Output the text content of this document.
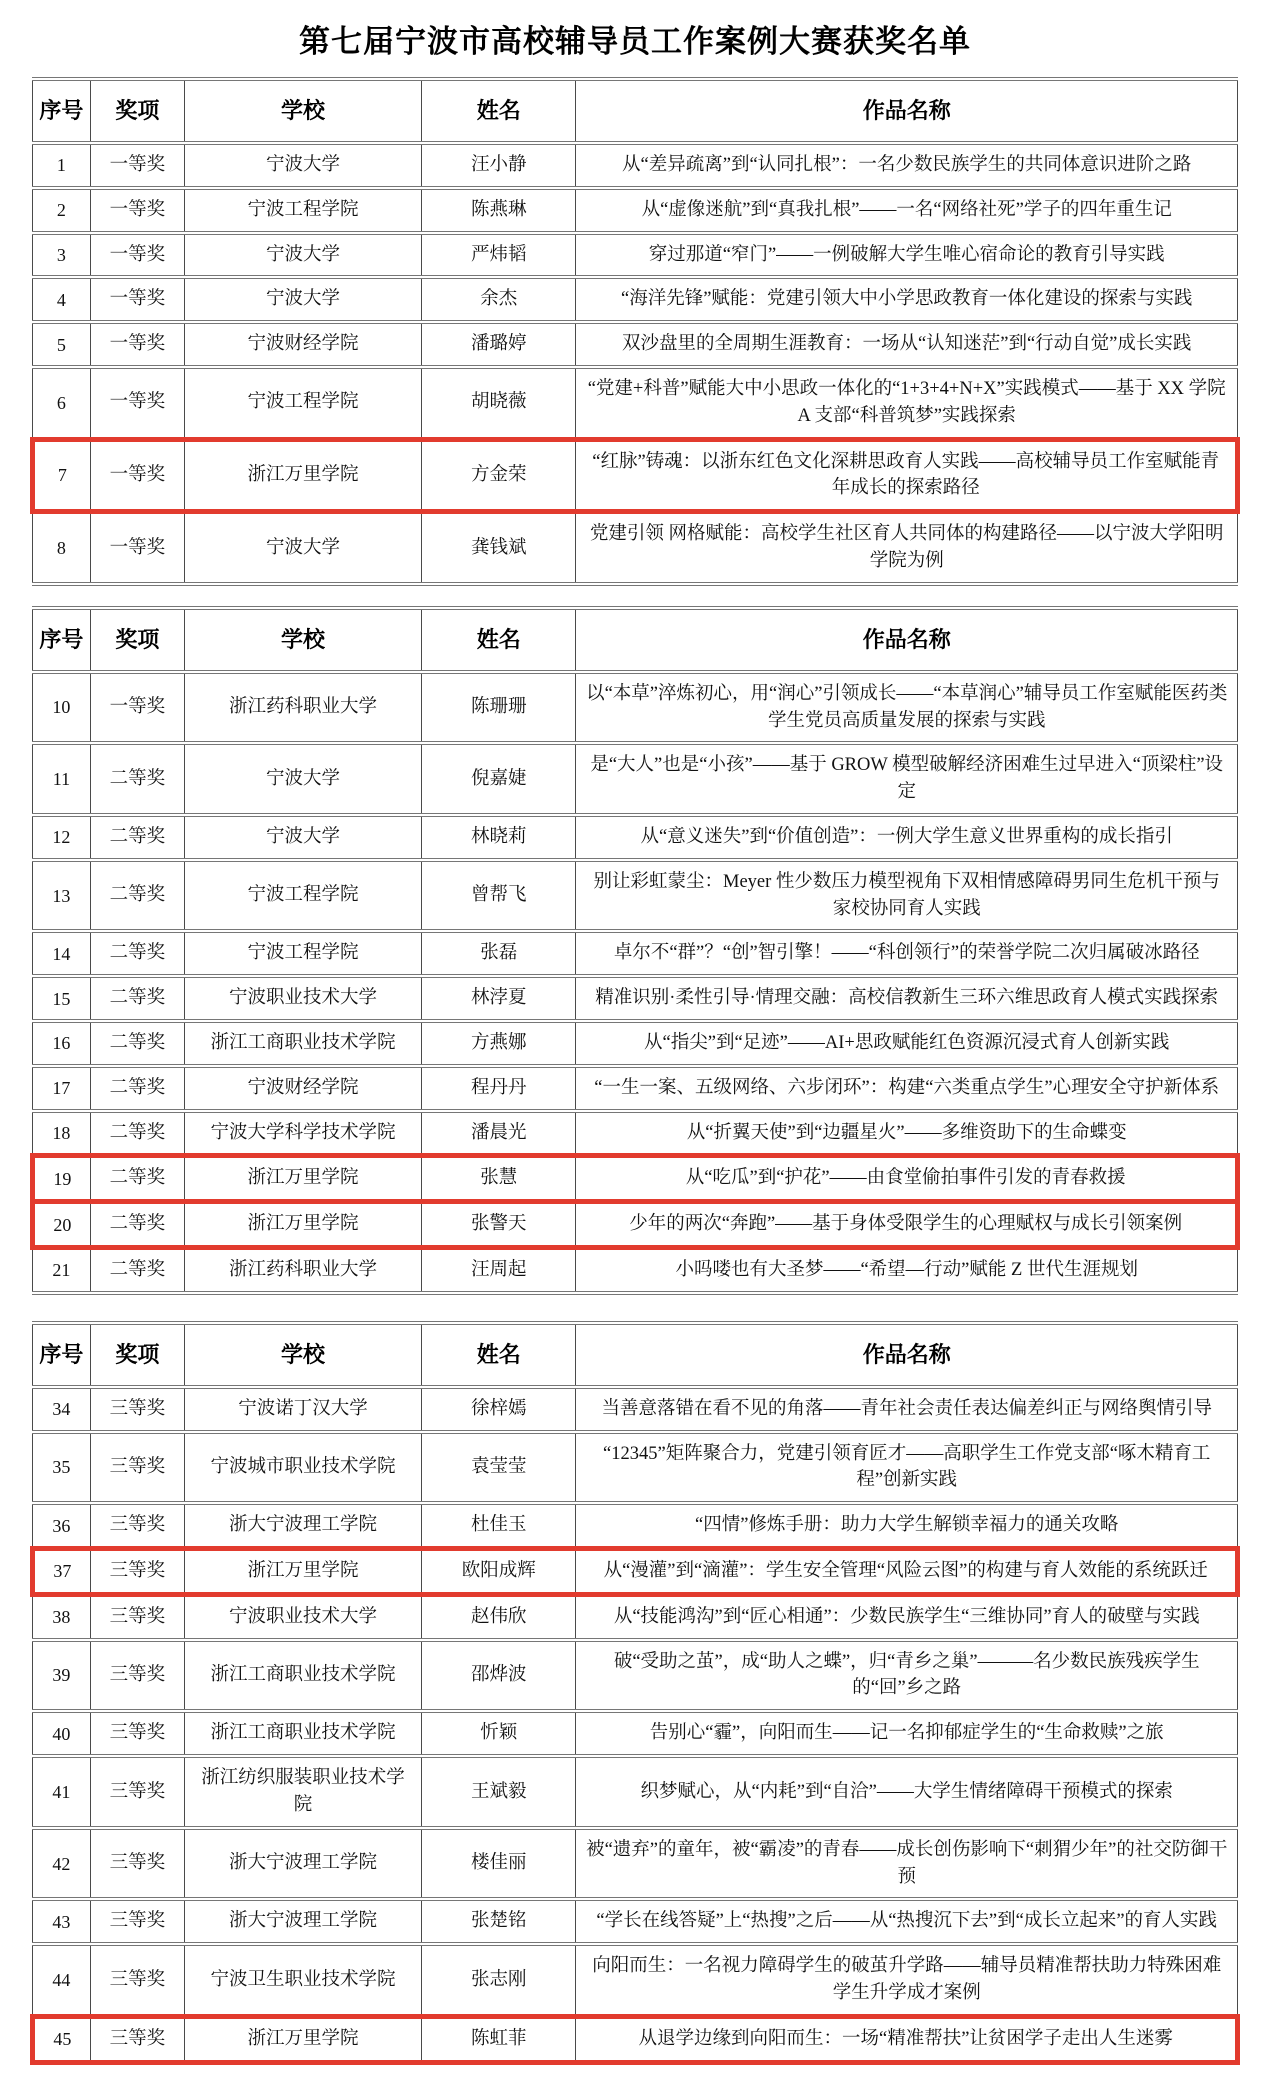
第七届宁波市高校辅导员工作案例大赛获奖名单
序号	奖项	学校	姓名	作品名称
1	一等奖	宁波大学	汪小静	从“差异疏离”到“认同扎根”：一名少数民族学生的共同体意识进阶之路
2	一等奖	宁波工程学院	陈燕琳	从“虚像迷航”到“真我扎根”——一名“网络社死”学子的四年重生记
3	一等奖	宁波大学	严炜韬	穿过那道“窄门”——一例破解大学生唯心宿命论的教育引导实践
4	一等奖	宁波大学	余杰	“海洋先锋”赋能：党建引领大中小学思政教育一体化建设的探索与实践
5	一等奖	宁波财经学院	潘璐婷	双沙盘里的全周期生涯教育：一场从“认知迷茫”到“行动自觉”成长实践
6	一等奖	宁波工程学院	胡晓薇	“党建+科普”赋能大中小思政一体化的“1+3+4+N+X”实践模式——基于 XX 学院 A 支部“科普筑梦”实践探索
7	一等奖	浙江万里学院	方金荣	“红脉”铸魂：以浙东红色文化深耕思政育人实践——高校辅导员工作室赋能青年成长的探索路径
8	一等奖	宁波大学	龚钱斌	党建引领 网格赋能：高校学生社区育人共同体的构建路径——以宁波大学阳明学院为例
序号	奖项	学校	姓名	作品名称
10	一等奖	浙江药科职业大学	陈珊珊	以“本草”淬炼初心，用“润心”引领成长——“本草润心”辅导员工作室赋能医药类学生党员高质量发展的探索与实践
11	二等奖	宁波大学	倪嘉婕	是“大人”也是“小孩”——基于 GROW 模型破解经济困难生过早进入“顶梁柱”设定
12	二等奖	宁波大学	林晓莉	从“意义迷失”到“价值创造”：一例大学生意义世界重构的成长指引
13	二等奖	宁波工程学院	曾帮飞	别让彩虹蒙尘：Meyer 性少数压力模型视角下双相情感障碍男同生危机干预与家校协同育人实践
14	二等奖	宁波工程学院	张磊	卓尔不“群”？“创”智引擎！——“科创领行”的荣誉学院二次归属破冰路径
15	二等奖	宁波职业技术大学	林浡夏	精准识别·柔性引导·情理交融：高校信教新生三环六维思政育人模式实践探索
16	二等奖	浙江工商职业技术学院	方燕娜	从“指尖”到“足迹”——AI+思政赋能红色资源沉浸式育人创新实践
17	二等奖	宁波财经学院	程丹丹	“一生一案、五级网络、六步闭环”：构建“六类重点学生”心理安全守护新体系
18	二等奖	宁波大学科学技术学院	潘晨光	从“折翼天使”到“边疆星火”——多维资助下的生命蝶变
19	二等奖	浙江万里学院	张慧	从“吃瓜”到“护花”——由食堂偷拍事件引发的青春救援
20	二等奖	浙江万里学院	张警天	少年的两次“奔跑”——基于身体受限学生的心理赋权与成长引领案例
21	二等奖	浙江药科职业大学	汪周起	小吗喽也有大圣梦——“希望—行动”赋能 Z 世代生涯规划
序号	奖项	学校	姓名	作品名称
34	三等奖	宁波诺丁汉大学	徐梓嫣	当善意落错在看不见的角落——青年社会责任表达偏差纠正与网络舆情引导
35	三等奖	宁波城市职业技术学院	袁莹莹	“12345”矩阵聚合力，党建引领育匠才——高职学生工作党支部“啄木精育工程”创新实践
36	三等奖	浙大宁波理工学院	杜佳玉	“四情”修炼手册：助力大学生解锁幸福力的通关攻略
37	三等奖	浙江万里学院	欧阳成辉	从“漫灌”到“滴灌”：学生安全管理“风险云图”的构建与育人效能的系统跃迁
38	三等奖	宁波职业技术大学	赵伟欣	从“技能鸿沟”到“匠心相通”：少数民族学生“三维协同”育人的破壁与实践
39	三等奖	浙江工商职业技术学院	邵烨波	破“受助之茧”，成“助人之蝶”，归“青乡之巢”———名少数民族残疾学生的“回”乡之路
40	三等奖	浙江工商职业技术学院	忻颖	告别心“霾”，向阳而生——记一名抑郁症学生的“生命救赎”之旅
41	三等奖	浙江纺织服装职业技术学院	王斌毅	织梦赋心，从“内耗”到“自洽”——大学生情绪障碍干预模式的探索
42	三等奖	浙大宁波理工学院	楼佳丽	被“遗弃”的童年，被“霸凌”的青春——成长创伤影响下“刺猬少年”的社交防御干预
43	三等奖	浙大宁波理工学院	张楚铭	“学长在线答疑”上“热搜”之后——从“热搜沉下去”到“成长立起来”的育人实践
44	三等奖	宁波卫生职业技术学院	张志刚	向阳而生：一名视力障碍学生的破茧升学路——辅导员精准帮扶助力特殊困难学生升学成才案例
45	三等奖	浙江万里学院	陈虹菲	从退学边缘到向阳而生：一场“精准帮扶”让贫困学子走出人生迷雾
